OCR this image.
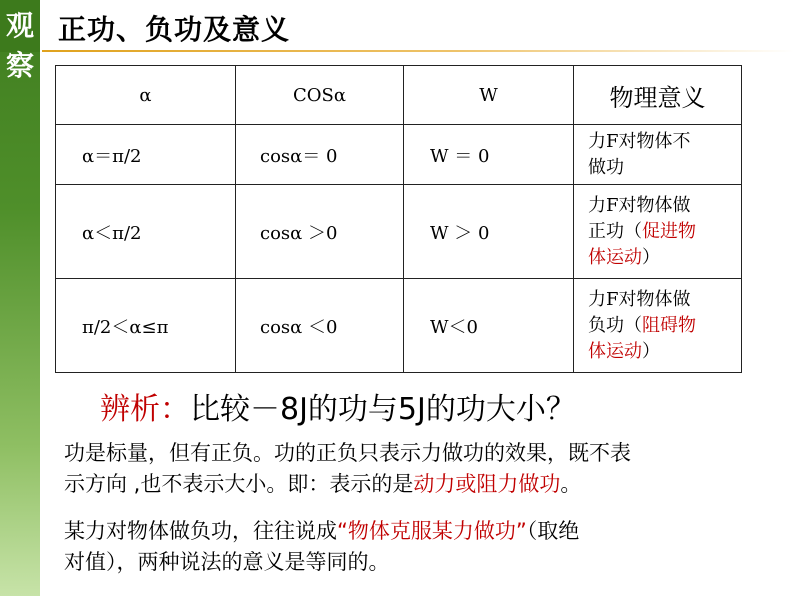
观
察
正功、负功及意义
α	COSα	W	物理意义
α＝π/2	cosα＝ 0	W ＝ 0	力F对物体不
做功

α＜π/2	cosα ＞0	W ＞ 0	力F对物体做
正功（促进物
体运动）

π/2＜α≤π	cosα ＜0	W＜0	力F对物体做
负功（阻碍物
体运动）
辨析：比较－8J的功与5J的功大小？
功是标量，但有正负。功的正负只表示力做功的效果，既不表
示方向 ,也不表示大小。即：表示的是动力或阻力做功。
某力对物体做负功，往往说成“物体克服某力做功”（取绝
对值），两种说法的意义是等同的。
